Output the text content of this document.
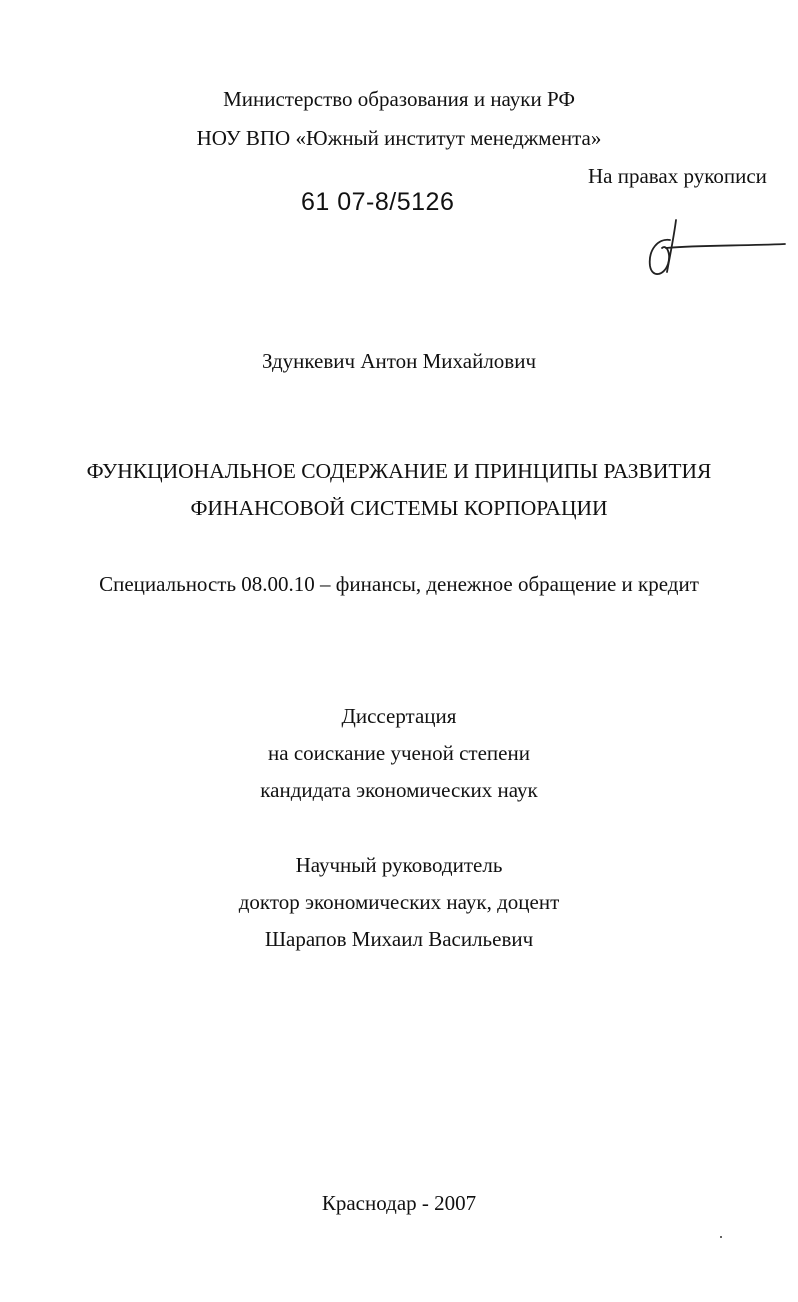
Министерство образования и науки РФ
НОУ ВПО «Южный институт менеджмента»
На правах рукописи
61 07-8/5126
Здункевич Антон Михайлович
ФУНКЦИОНАЛЬНОЕ СОДЕРЖАНИЕ И ПРИНЦИПЫ РАЗВИТИЯ
ФИНАНСОВОЙ СИСТЕМЫ КОРПОРАЦИИ
Специальность 08.00.10 – финансы, денежное обращение и кредит
Диссертация
на соискание ученой степени
кандидата экономических наук
Научный руководитель
доктор экономических наук, доцент
Шарапов Михаил Васильевич
Краснодар - 2007
